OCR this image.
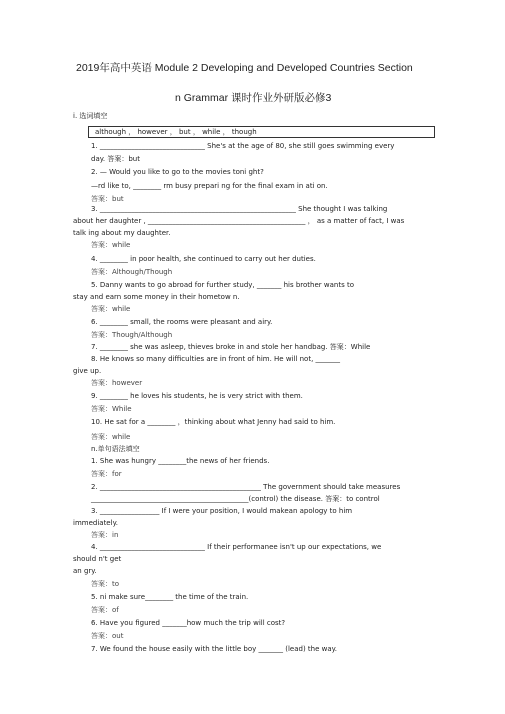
2019年高中英语 Module 2 Developing and Developed Countries Section
n Grammar 课时作业外研版必修3
i. 选词填空
although ， however ， but ， while ， though
1. ______________________________ She's at the age of 80, she still goes swimming every
day. 答案：but
2. — Would you like to go to the movies toni ght?
—rd like to, ________ rm busy prepari ng for the final exam in ati on.
答案：but
3. ________________________________________________________ She thought I was talking
about her daughter , _____________________________________________ ， as a matter of fact, I was
talk ing about my daughter.
答案：while
4. ________ in poor health, she continued to carry out her duties.
答案：Although/Though
5. Danny wants to go abroad for further study, _______ his brother wants to
stay and earn some money in their hometow n.
答案：while
6. ________ small, the rooms were pleasant and airy.
答案：Though/Although
7. ________ she was asleep, thieves broke in and stole her handbag. 答案：While
8. He knows so many difficulties are in front of him. He will not, _______
give up.
答案：however
9. ________ he loves his students, he is very strict with them.
答案：While
10. He sat for a ________ ，thinking about what Jenny had said to him.
答案：while
n.单句语法填空
1. She was hungry ________the news of her friends.
答案：for
2. ______________________________________________ The government should take measures
_____________________________________________(control) the disease. 答案：to control
3. _________________ If I were your position, I would makean apology to him
immediately.
答案：in
4. ______________________________ If their performanee isn't up our expectations, we
should n't get
an gry.
答案：to
5. ni make sure________ the time of the train.
答案：of
6. Have you figured _______how much the trip will cost?
答案：out
7. We found the house easily with the little boy _______ (lead) the way.
